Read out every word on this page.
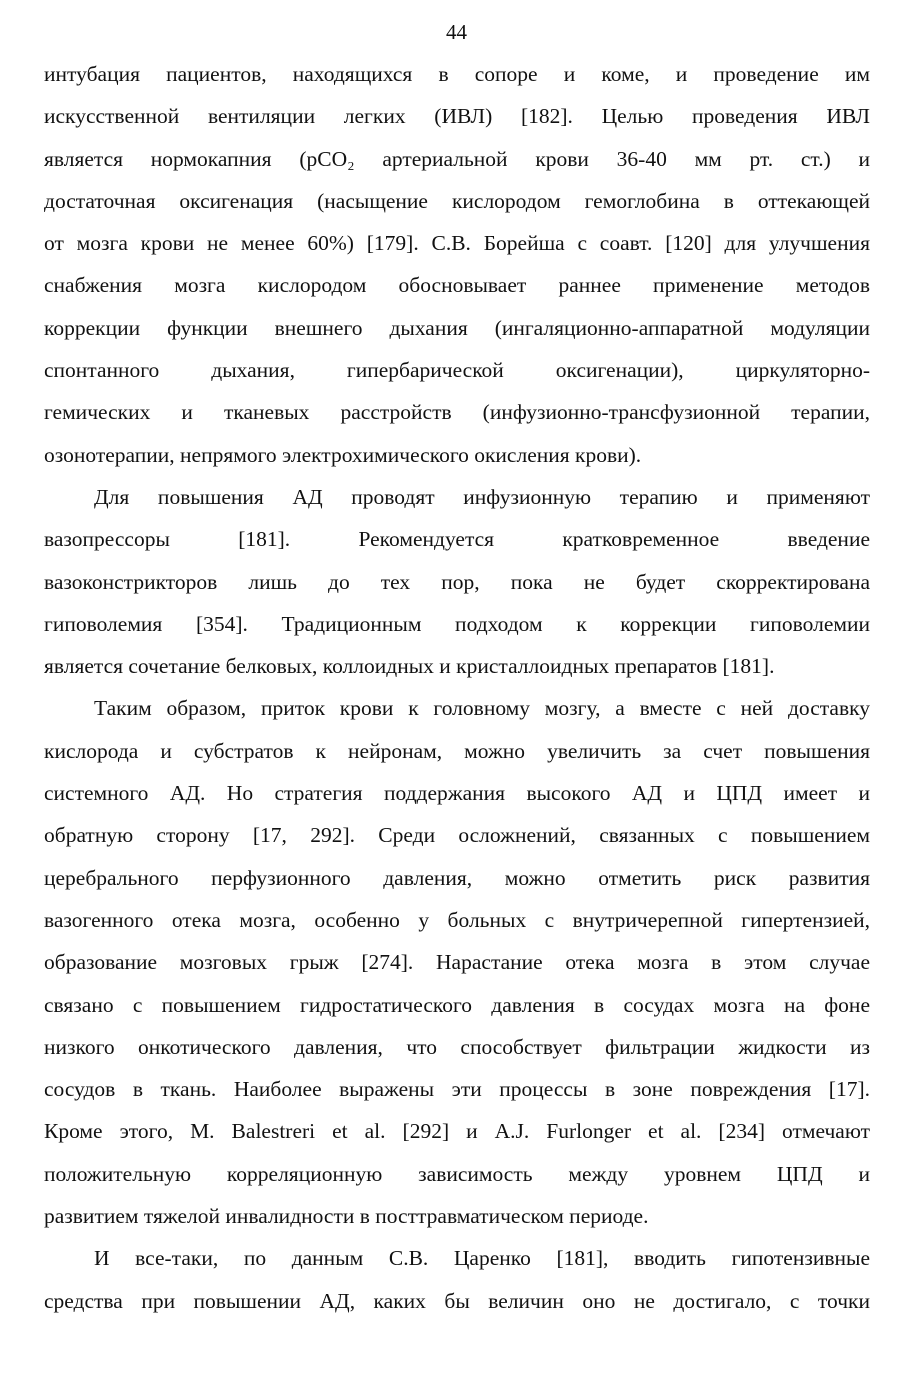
44
интубация пациентов, находящихся в сопоре и коме, и проведение им
искусственной вентиляции легких (ИВЛ) [182]. Целью проведения ИВЛ
является нормокапния (pCO₂ артериальной крови 36-40 мм рт. ст.) и
достаточная оксигенация (насыщение кислородом гемоглобина в оттекающей
от мозга крови не менее 60%) [179]. С.В. Борейша с соавт. [120] для улучшения
снабжения мозга кислородом обосновывает раннее применение методов
коррекции функции внешнего дыхания (ингаляционно-аппаратной модуляции
спонтанного дыхания, гипербарической оксигенации), циркуляторно-
гемических и тканевых расстройств (инфузионно-трансфузионной терапии,
озонотерапии, непрямого электрохимического окисления крови).
Для повышения АД проводят инфузионную терапию и применяют
вазопрессоры [181]. Рекомендуется кратковременное введение
вазоконстрикторов лишь до тех пор, пока не будет скорректирована
гиповолемия [354]. Традиционным подходом к коррекции гиповолемии
является сочетание белковых, коллоидных и кристаллоидных препаратов [181].
Таким образом, приток крови к головному мозгу, а вместе с ней доставку
кислорода и субстратов к нейронам, можно увеличить за счет повышения
системного АД. Но стратегия поддержания высокого АД и ЦПД имеет и
обратную сторону [17, 292]. Среди осложнений, связанных с повышением
церебрального перфузионного давления, можно отметить риск развития
вазогенного отека мозга, особенно у больных с внутричерепной гипертензией,
образование мозговых грыж [274]. Нарастание отека мозга в этом случае
связано с повышением гидростатического давления в сосудах мозга на фоне
низкого онкотического давления, что способствует фильтрации жидкости из
сосудов в ткань. Наиболее выражены эти процессы в зоне повреждения [17].
Кроме этого, M. Balestreri et al. [292] и A.J. Furlonger et al. [234] отмечают
положительную корреляционную зависимость между уровнем ЦПД и
развитием тяжелой инвалидности в посттравматическом периоде.
И все-таки, по данным С.В. Царенко [181], вводить гипотензивные
средства при повышении АД, каких бы величин оно не достигало, с точки
